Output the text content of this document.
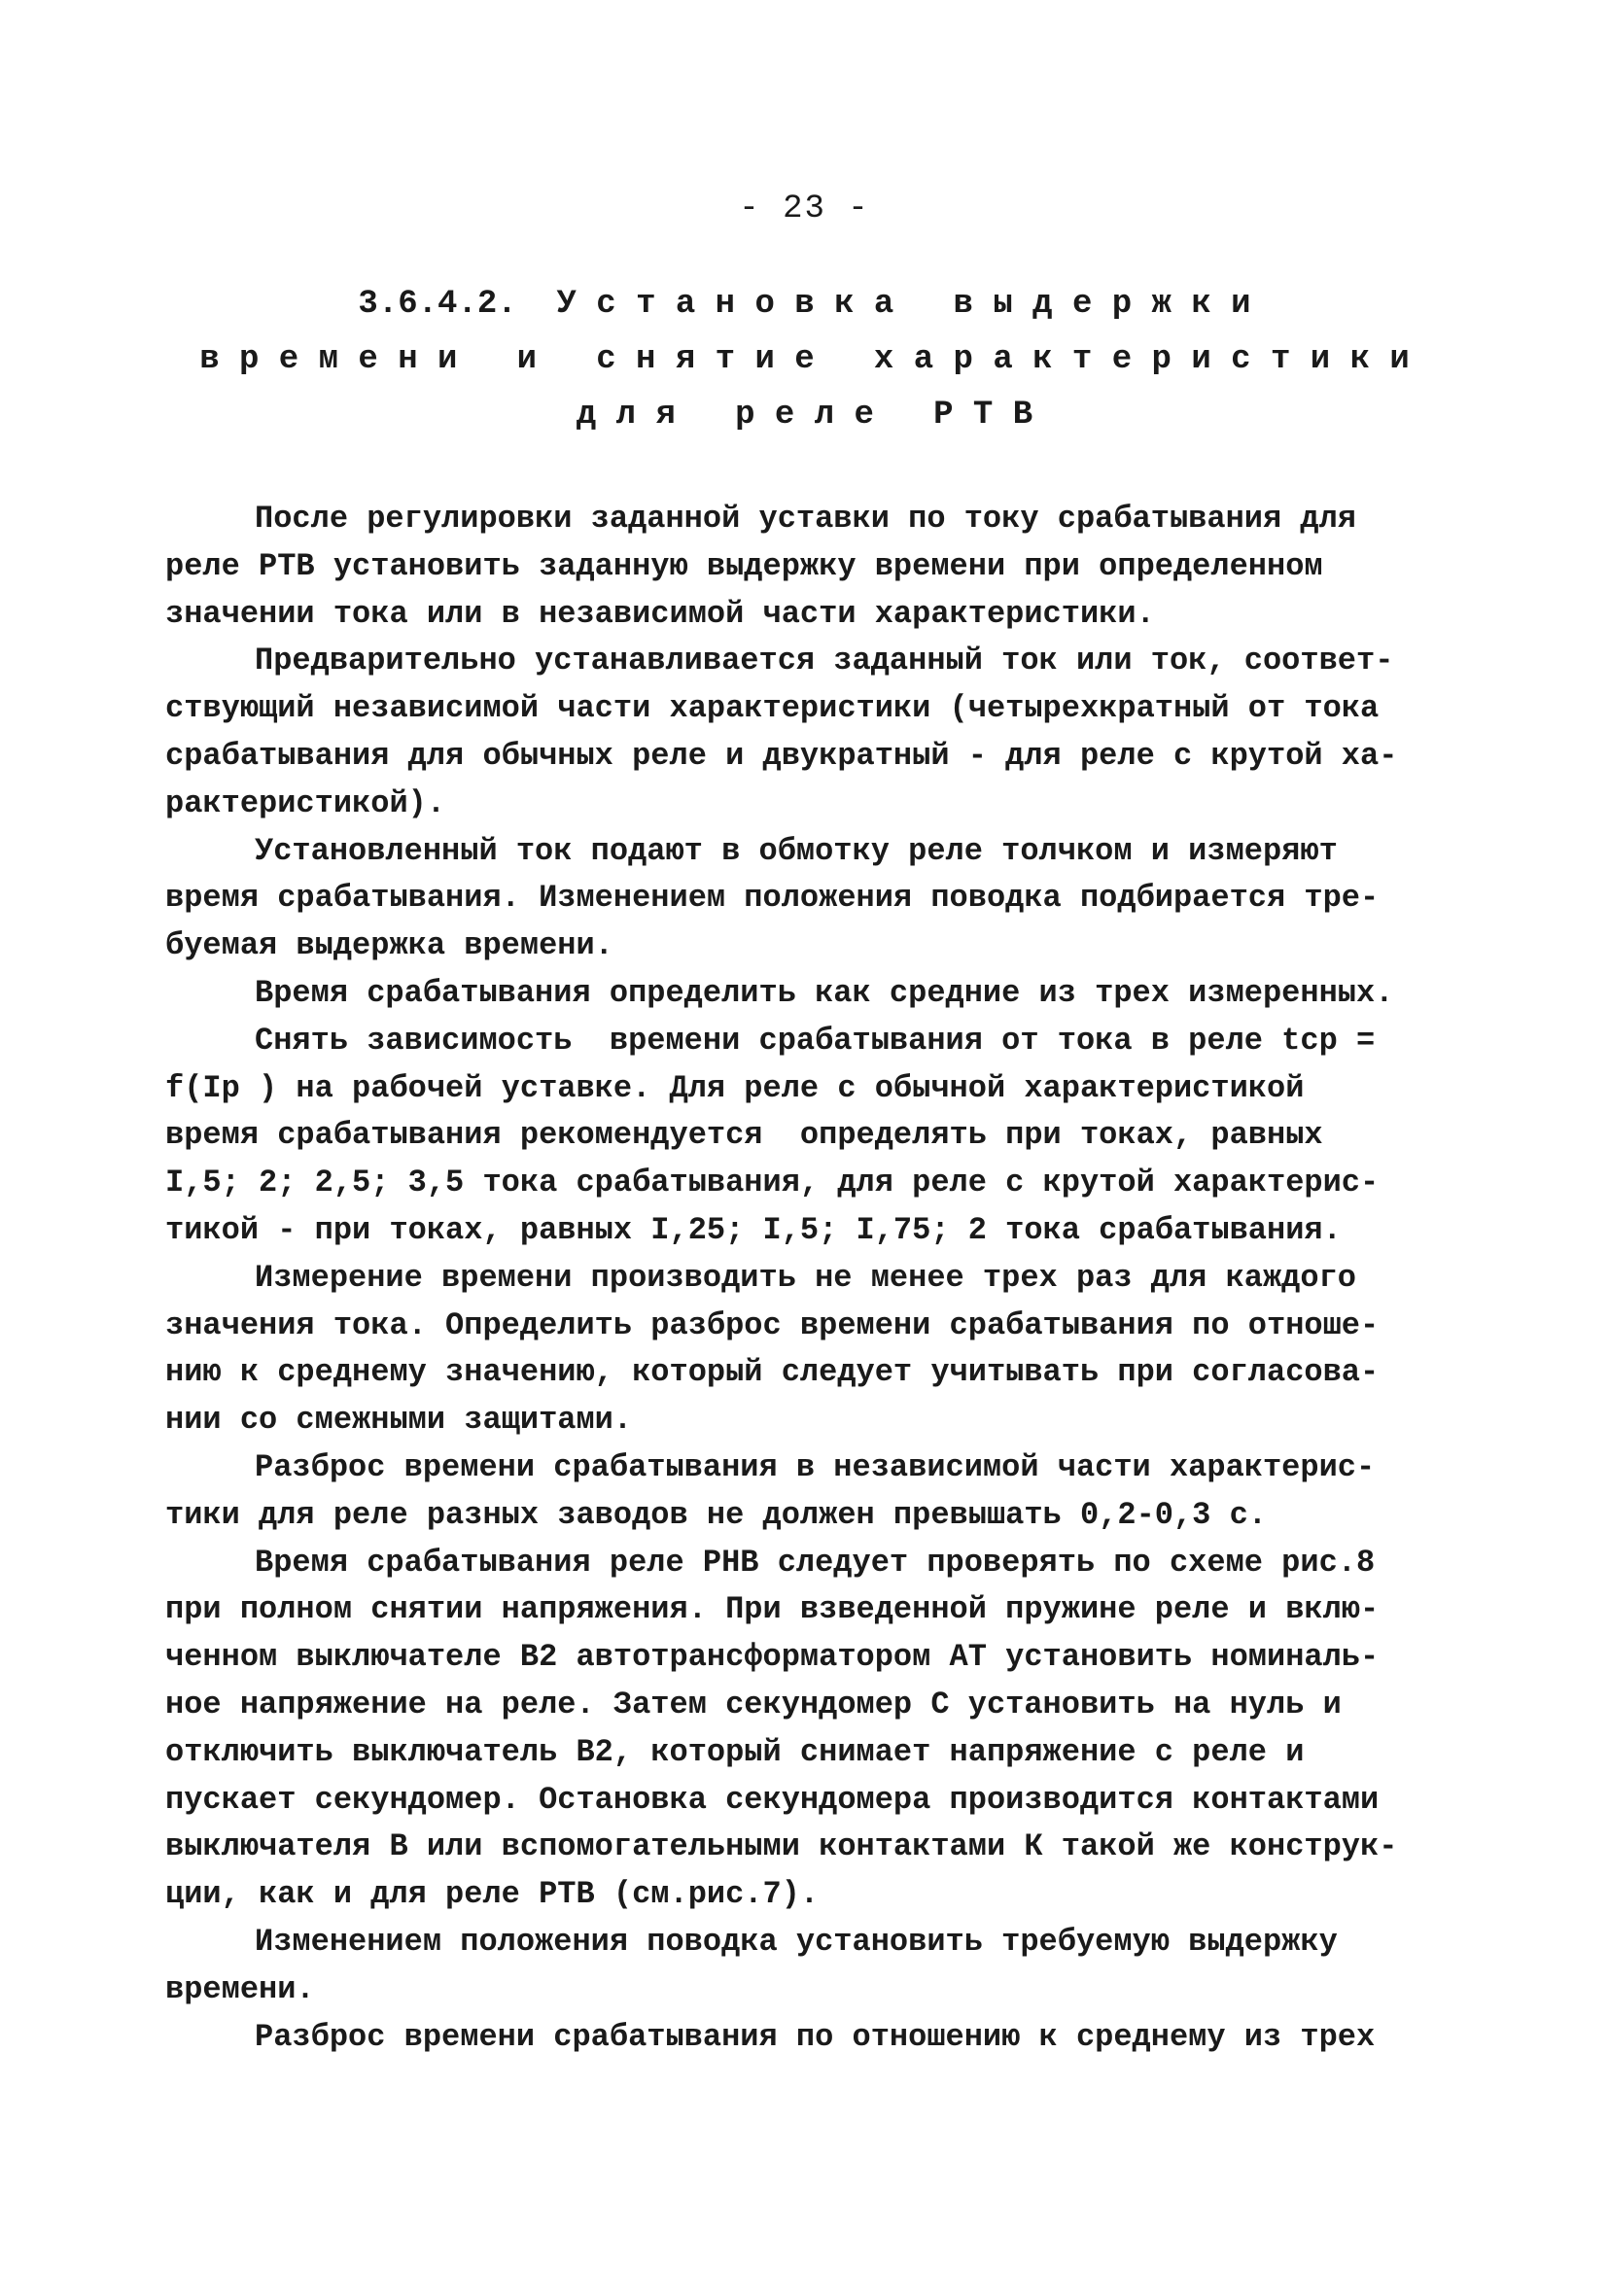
- 23 -
3.6.4.2.  У с т а н о в к а   в ы д е р ж к и
в р е м е н и   и   с н я т и е   х а р а к т е р и с т и к и
д л я   р е л е   Р Т В

После регулировки заданной уставки по току срабатывания для
реле РТВ установить заданную выдержку времени при определенном
значении тока или в независимой части характеристики.

Предварительно устанавливается заданный ток или ток, соответ-
ствующий независимой части характеристики (четырехкратный от тока
срабатывания для обычных реле и двукратный - для реле с крутой ха-
рактеристикой).

Установленный ток подают в обмотку реле толчком и измеряют
время срабатывания. Изменением положения поводка подбирается тре-
буемая выдержка времени.

Время срабатывания определить как средние из трех измеренных.

Снять зависимость  времени срабатывания от тока в реле tср =
f(Iр ) на рабочей уставке. Для реле с обычной характеристикой
время срабатывания рекомендуется  определять при токах, равных
I,5; 2; 2,5; 3,5 тока срабатывания, для реле с крутой характерис-
тикой - при токах, равных I,25; I,5; I,75; 2 тока срабатывания.

Измерение времени производить не менее трех раз для каждого
значения тока. Определить разброс времени срабатывания по отноше-
нию к среднему значению, который следует учитывать при согласова-
нии со смежными защитами.

Разброс времени срабатывания в независимой части характерис-
тики для реле разных заводов не должен превышать 0,2-0,3 с.

Время срабатывания реле РНВ следует проверять по схеме рис.8
при полном снятии напряжения. При взведенной пружине реле и вклю-
ченном выключателе В2 автотрансформатором АТ установить номиналь-
ное напряжение на реле. Затем секундомер С установить на нуль и
отключить выключатель В2, который снимает напряжение с реле и
пускает секундомер. Остановка секундомера производится контактами
выключателя В или вспомогательными контактами К такой же конструк-
ции, как и для реле РТВ (см.рис.7).

Изменением положения поводка установить требуемую выдержку
времени.

Разброс времени срабатывания по отношению к среднему из трех
